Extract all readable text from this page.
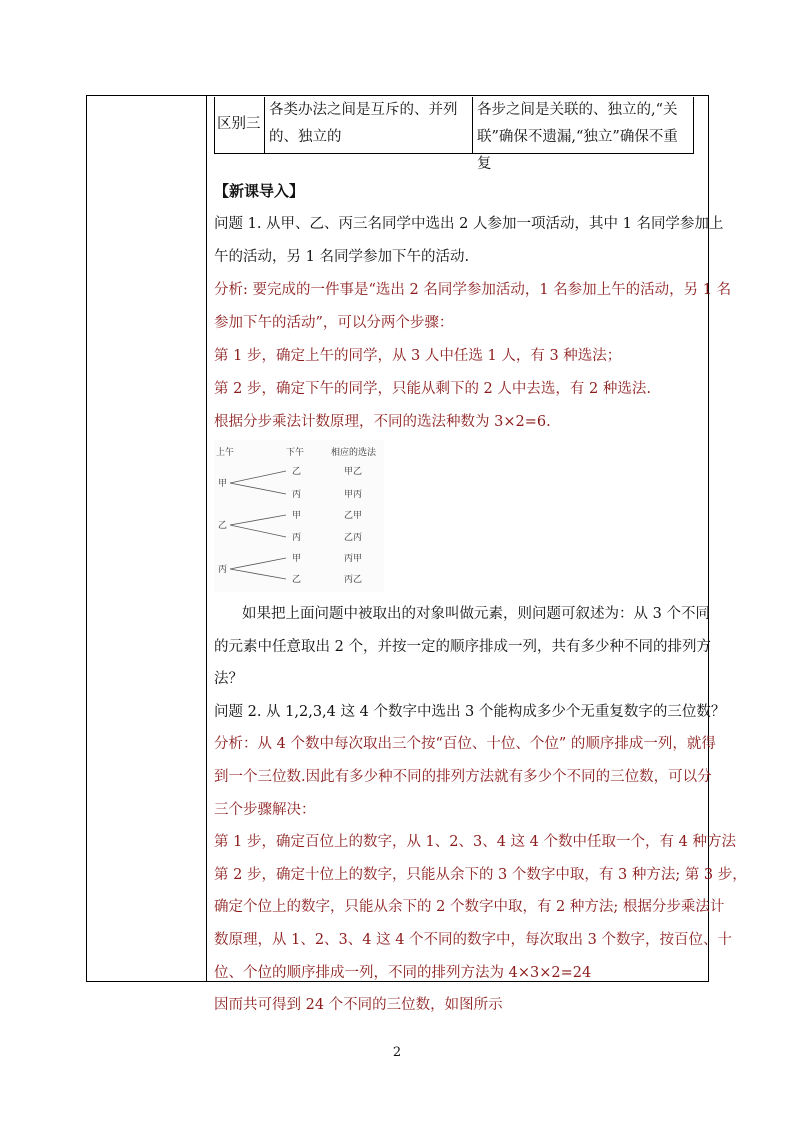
区别三
各类办法之间是互斥的、并列
的、独立的
各步之间是关联的、独立的,“关
联”确保不遗漏,“独立”确保不重复
【新课导入】
问题 1. 从甲、乙、丙三名同学中选出 2 人参加一项活动，其中 1 名同学参加上
午的活动，另 1 名同学参加下午的活动.
分析: 要完成的一件事是“选出 2 名同学参加活动，1 名参加上午的活动，另 1 名
参加下午的活动”，可以分两个步骤：
第 1 步，确定上午的同学，从 3 人中任选 1 人，有 3 种选法；
第 2 步，确定下午的同学，只能从剩下的 2 人中去选，有 2 种选法.
根据分步乘法计数原理，不同的选法种数为 3×2=6.
上午	下午	相应的选法
甲
乙
丙
乙
丙
甲
丙
甲
乙
甲乙
甲丙
乙甲
乙丙
丙甲
丙乙
如果把上面问题中被取出的对象叫做元素，则问题可叙述为：从 3 个不同
的元素中任意取出 2 个，并按一定的顺序排成一列，共有多少种不同的排列方
法？
问题 2. 从 1,2,3,4 这 4 个数字中选出 3 个能构成多少个无重复数字的三位数？
分析：从 4 个数中每次取出三个按“百位、十位、个位” 的顺序排成一列，就得
到一个三位数.因此有多少种不同的排列方法就有多少个不同的三位数，可以分
三个步骤解决：
第 1 步，确定百位上的数字，从 1、2、3、4 这 4 个数中任取一个，有 4 种方法
第 2 步，确定十位上的数字，只能从余下的 3 个数字中取，有 3 种方法; 第 3 步，
确定个位上的数字，只能从余下的 2 个数字中取，有 2 种方法; 根据分步乘法计
数原理，从 1、2、3、4 这 4 个不同的数字中，每次取出 3 个数字，按百位、十
位、个位的顺序排成一列，不同的排列方法为 4×3×2=24
因而共可得到 24 个不同的三位数，如图所示
2
